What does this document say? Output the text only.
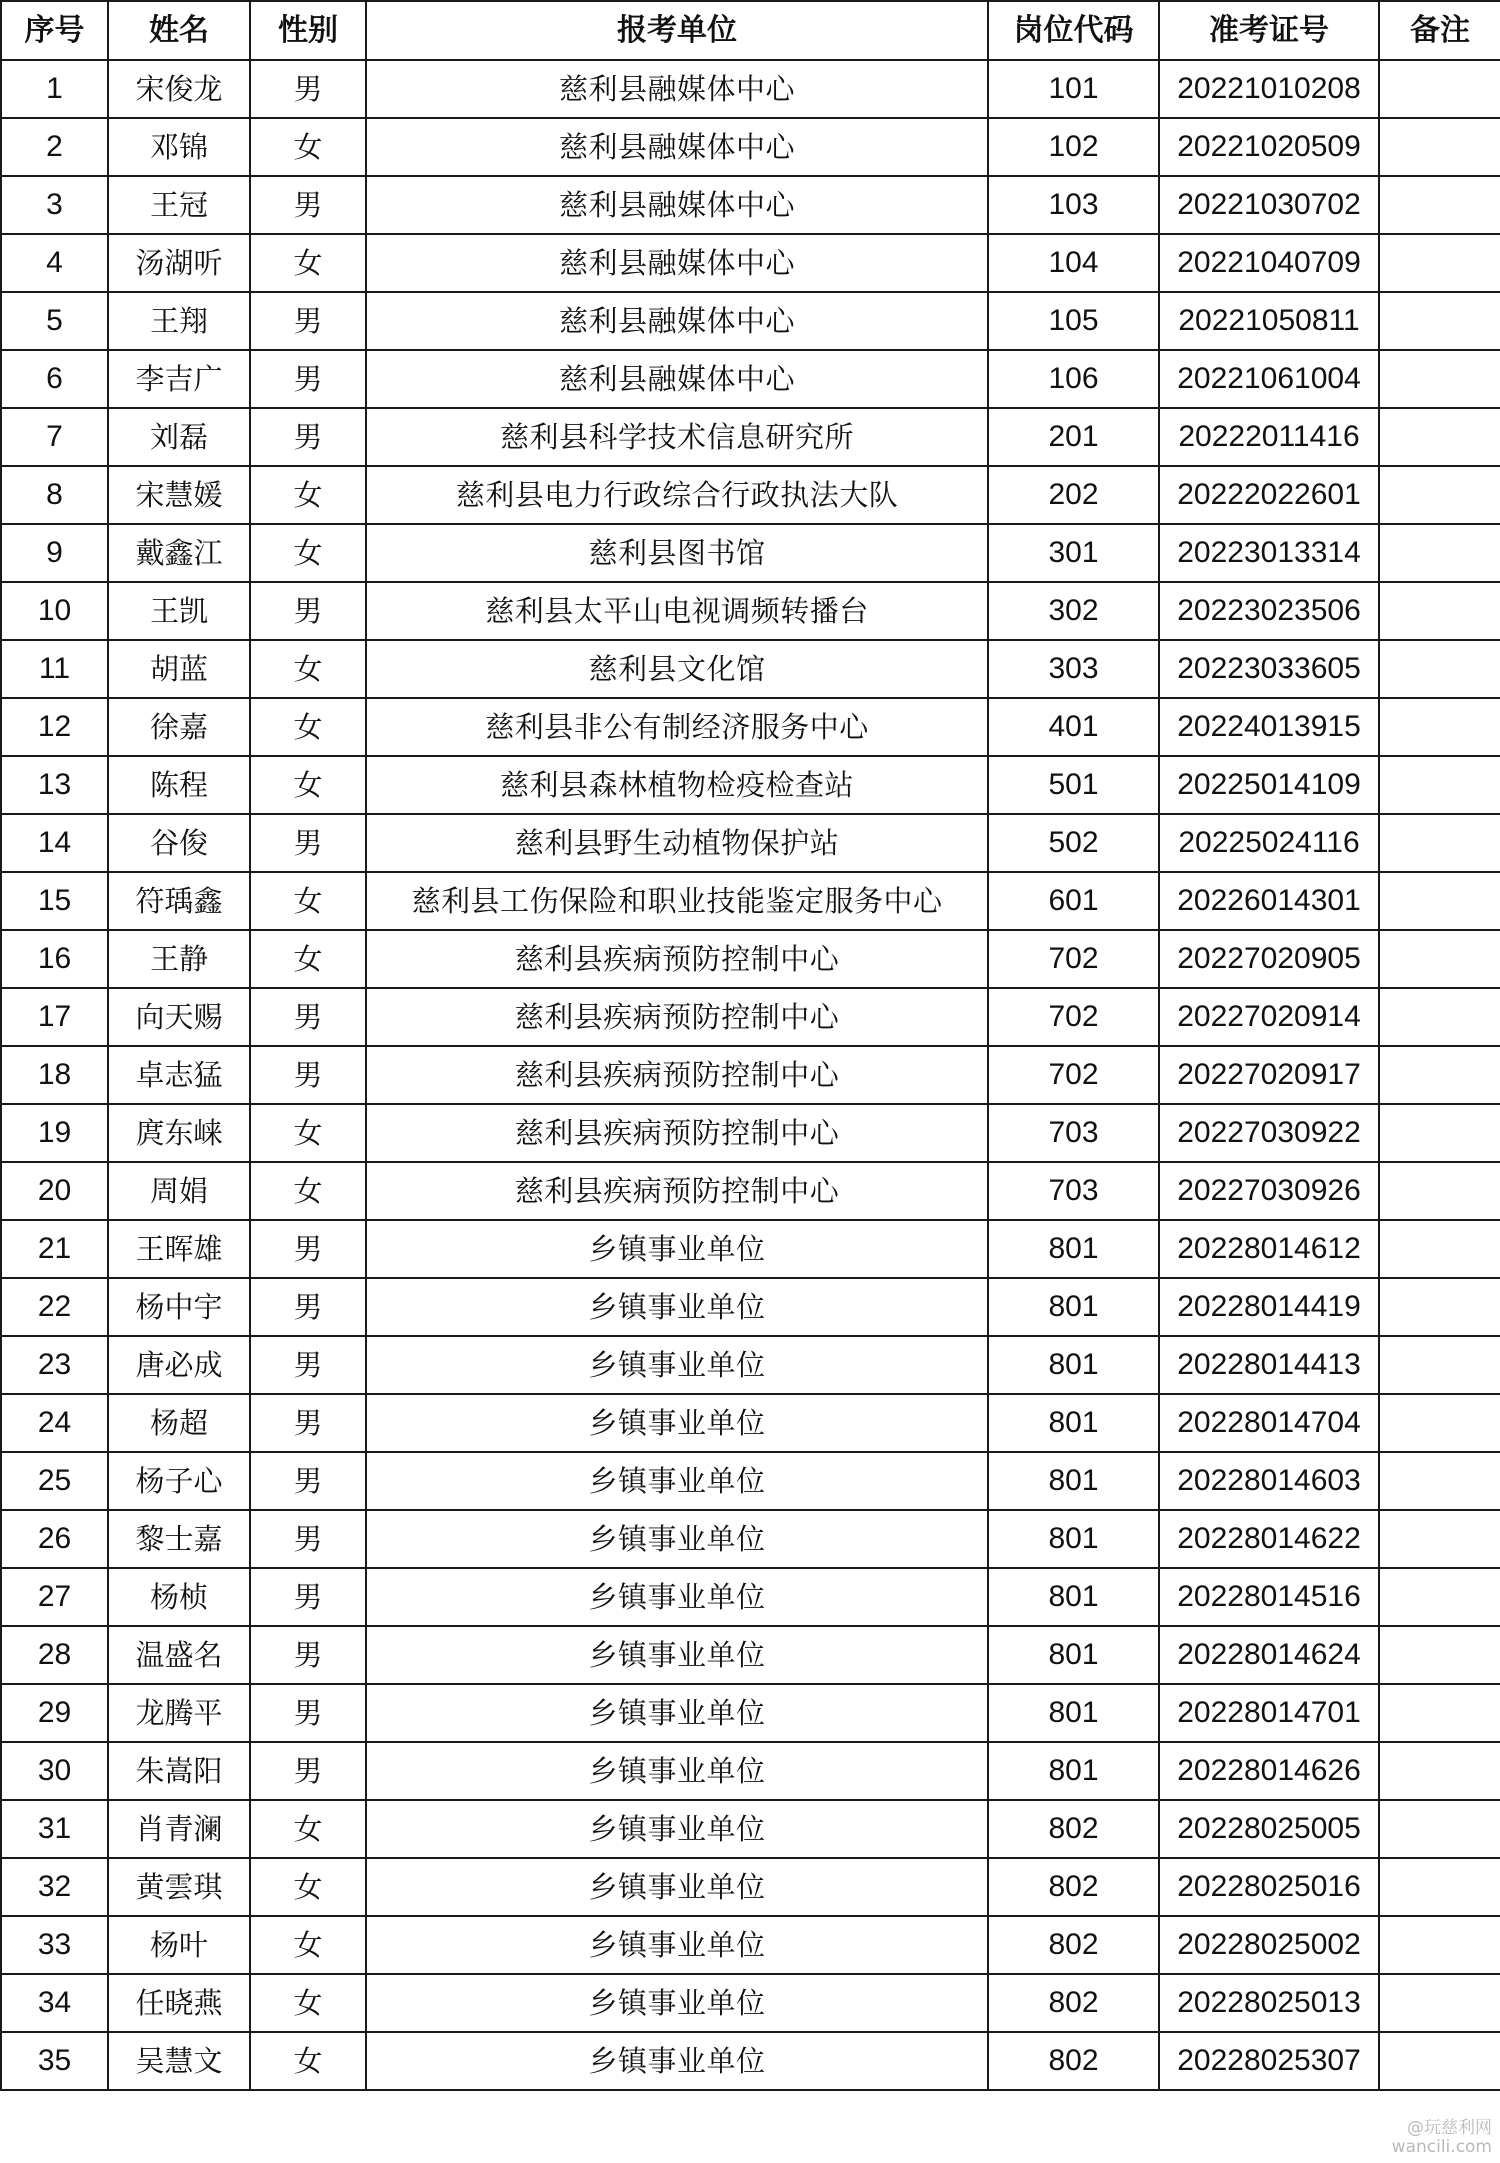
序号	姓名	性别	报考单位	岗位代码	准考证号	备注
1	宋俊龙	男	慈利县融媒体中心	101	20221010208	
2	邓锦	女	慈利县融媒体中心	102	20221020509	
3	王冠	男	慈利县融媒体中心	103	20221030702	
4	汤湖听	女	慈利县融媒体中心	104	20221040709	
5	王翔	男	慈利县融媒体中心	105	20221050811	
6	李吉广	男	慈利县融媒体中心	106	20221061004	
7	刘磊	男	慈利县科学技术信息研究所	201	20222011416	
8	宋慧媛	女	慈利县电力行政综合行政执法大队	202	20222022601	
9	戴鑫江	女	慈利县图书馆	301	20223013314	
10	王凯	男	慈利县太平山电视调频转播台	302	20223023506	
11	胡蓝	女	慈利县文化馆	303	20223033605	
12	徐嘉	女	慈利县非公有制经济服务中心	401	20224013915	
13	陈程	女	慈利县森林植物检疫检查站	501	20225014109	
14	谷俊	男	慈利县野生动植物保护站	502	20225024116	
15	符瑀鑫	女	慈利县工伤保险和职业技能鉴定服务中心	601	20226014301	
16	王静	女	慈利县疾病预防控制中心	702	20227020905	
17	向天赐	男	慈利县疾病预防控制中心	702	20227020914	
18	卓志猛	男	慈利县疾病预防控制中心	702	20227020917	
19	庹东崃	女	慈利县疾病预防控制中心	703	20227030922	
20	周娟	女	慈利县疾病预防控制中心	703	20227030926	
21	王晖雄	男	乡镇事业单位	801	20228014612	
22	杨中宇	男	乡镇事业单位	801	20228014419	
23	唐必成	男	乡镇事业单位	801	20228014413	
24	杨超	男	乡镇事业单位	801	20228014704	
25	杨子心	男	乡镇事业单位	801	20228014603	
26	黎士嘉	男	乡镇事业单位	801	20228014622	
27	杨桢	男	乡镇事业单位	801	20228014516	
28	温盛名	男	乡镇事业单位	801	20228014624	
29	龙腾平	男	乡镇事业单位	801	20228014701	
30	朱嵩阳	男	乡镇事业单位	801	20228014626	
31	肖青澜	女	乡镇事业单位	802	20228025005	
32	黄雲琪	女	乡镇事业单位	802	20228025016	
33	杨叶	女	乡镇事业单位	802	20228025002	
34	任晓燕	女	乡镇事业单位	802	20228025013	
35	吴慧文	女	乡镇事业单位	802	20228025307	
@玩慈利网
wancili.com
